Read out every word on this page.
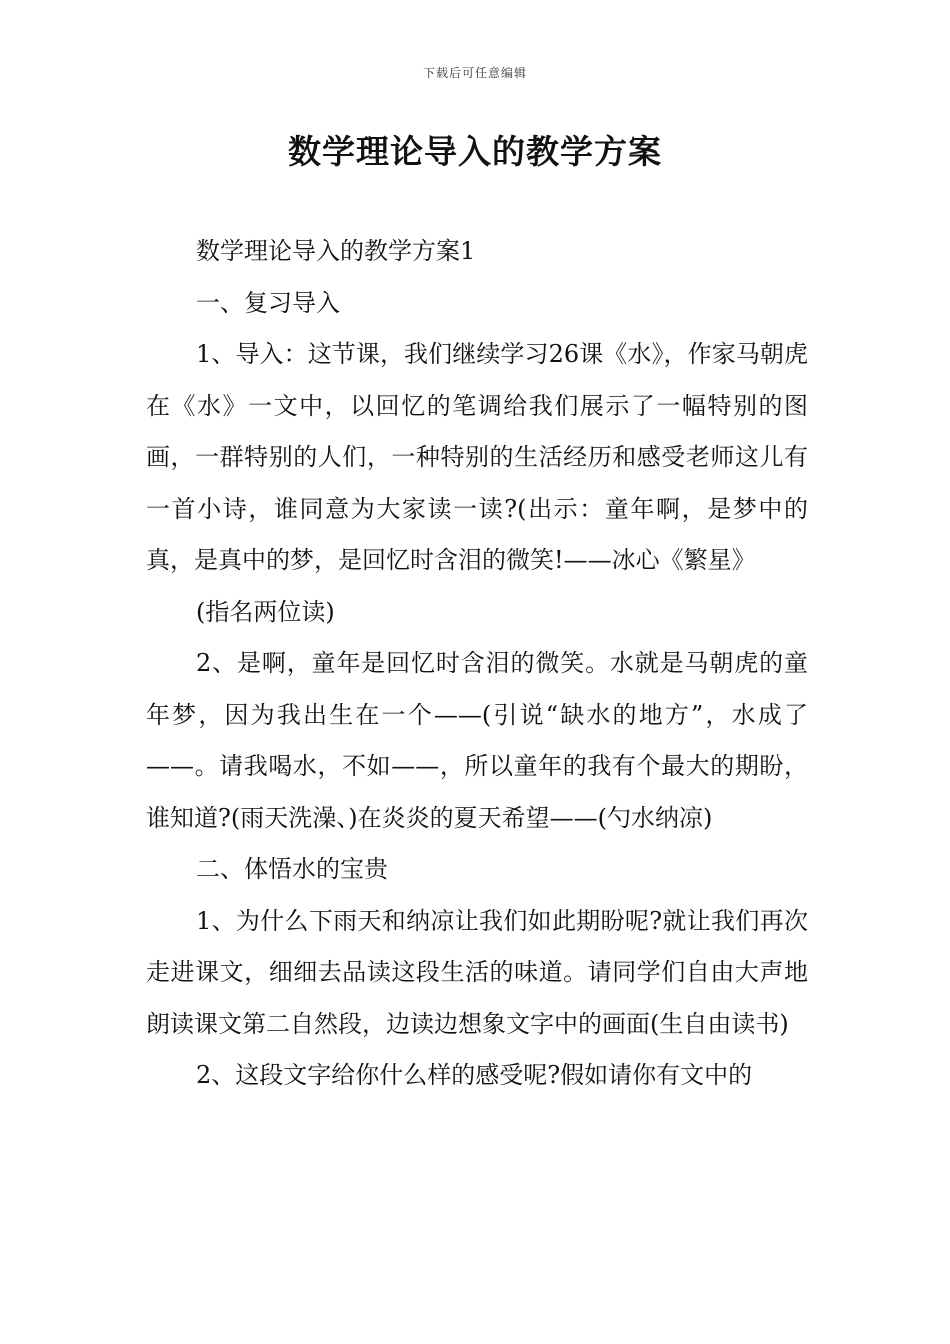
下载后可任意编辑
数学理论导入的教学方案

数学理论导入的教学方案1

一、复习导入

1、导入：这节课，我们继续学习26课《水》，作家马朝虎在《水》一文中，以回忆的笔调给我们展示了一幅特别的图画，一群特别的人们，一种特别的生活经历和感受老师这儿有一首小诗，谁同意为大家读一读?(出示：童年啊，是梦中的真，是真中的梦，是回忆时含泪的微笑!——冰心《繁星》

(指名两位读)

2、是啊，童年是回忆时含泪的微笑。水就是马朝虎的童年梦，因为我出生在一个——(引说“缺水的地方”，水成了——。请我喝水，不如——，所以童年的我有个最大的期盼，谁知道?(雨天洗澡、)在炎炎的夏天希望——(勺水纳凉)

二、体悟水的宝贵

1、为什么下雨天和纳凉让我们如此期盼呢?就让我们再次走进课文，细细去品读这段生活的味道。请同学们自由大声地朗读课文第二自然段，边读边想象文字中的画面(生自由读书)

2、这段文字给你什么样的感受呢?假如请你有文中的
